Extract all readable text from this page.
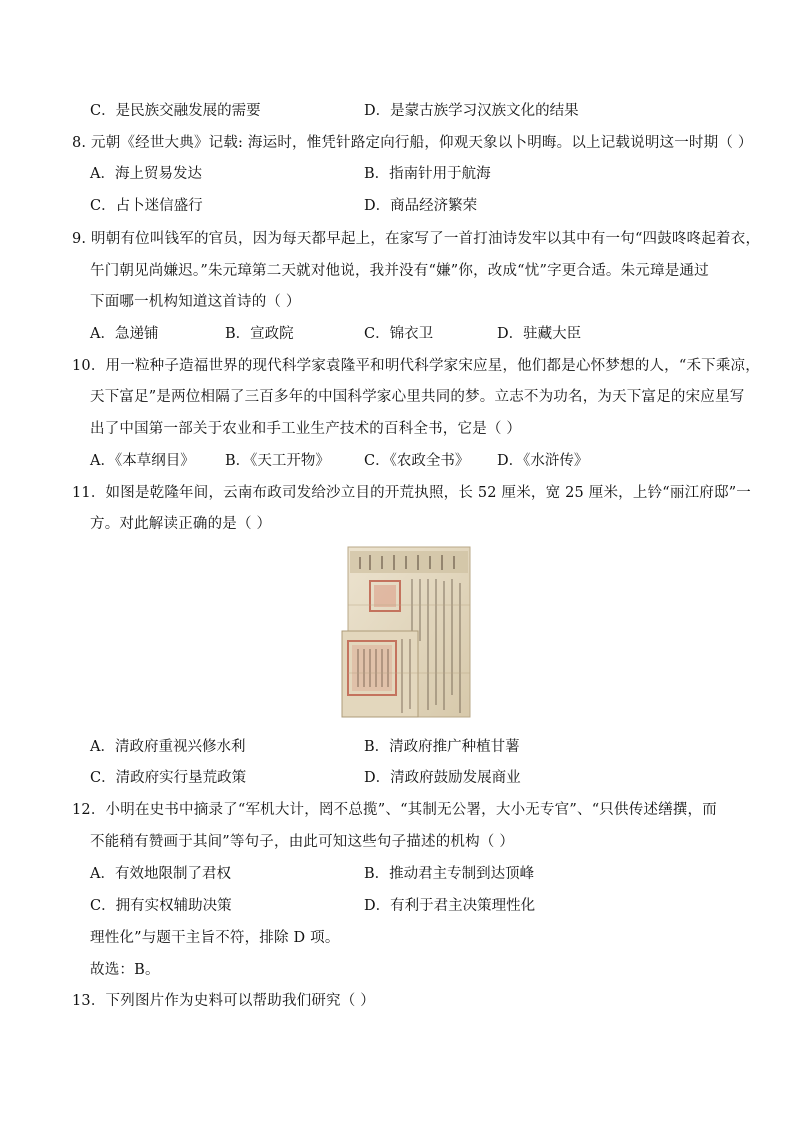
C．是民族交融发展的需要	D．是蒙古族学习汉族文化的结果
8. 元朝《经世大典》记载: 海运时，惟凭针路定向行船，仰观天象以卜明晦。以上记载说明这一时期（ ）
A．海上贸易发达	B．指南针用于航海
C．占卜迷信盛行	D．商品经济繁荣
9. 明朝有位叫钱军的官员，因为每天都早起上，在家写了一首打油诗发牢以其中有一句“四鼓咚咚起着衣，
午门朝见尚嫌迟。”朱元璋第二天就对他说，我并没有“嫌”你，改成“忧”字更合适。朱元璋是通过
下面哪一机构知道这首诗的（ ）
A．急递铺	B．宣政院	C．锦衣卫	D．驻藏大臣
10．用一粒种子造福世界的现代科学家袁隆平和明代科学家宋应星，他们都是心怀梦想的人，“禾下乘凉，
天下富足”是两位相隔了三百多年的中国科学家心里共同的梦。立志不为功名，为天下富足的宋应星写
出了中国第一部关于农业和手工业生产技术的百科全书，它是（ ）
A．《本草纲目》 B．《天工开物》 C．《农政全书》 D．《水浒传》
11．如图是乾隆年间，云南布政司发给沙立目的开荒执照，长 52 厘米，宽 25 厘米，上钤“丽江府邸”一
方。对此解读正确的是（ ）
A．清政府重视兴修水利	B．清政府推广种植甘薯
C．清政府实行垦荒政策	D．清政府鼓励发展商业
12．小明在史书中摘录了“军机大计，罔不总揽”、“其制无公署，大小无专官”、“只供传述缮撰，而
不能稍有赞画于其间”等句子，由此可知这些句子描述的机构（ ）
A．有效地限制了君权	B．推动君主专制到达顶峰
C．拥有实权辅助决策	D．有利于君主决策理性化
理性化”与题干主旨不符，排除 D 项。
故选：B。
13．下列图片作为史料可以帮助我们研究（ ）
